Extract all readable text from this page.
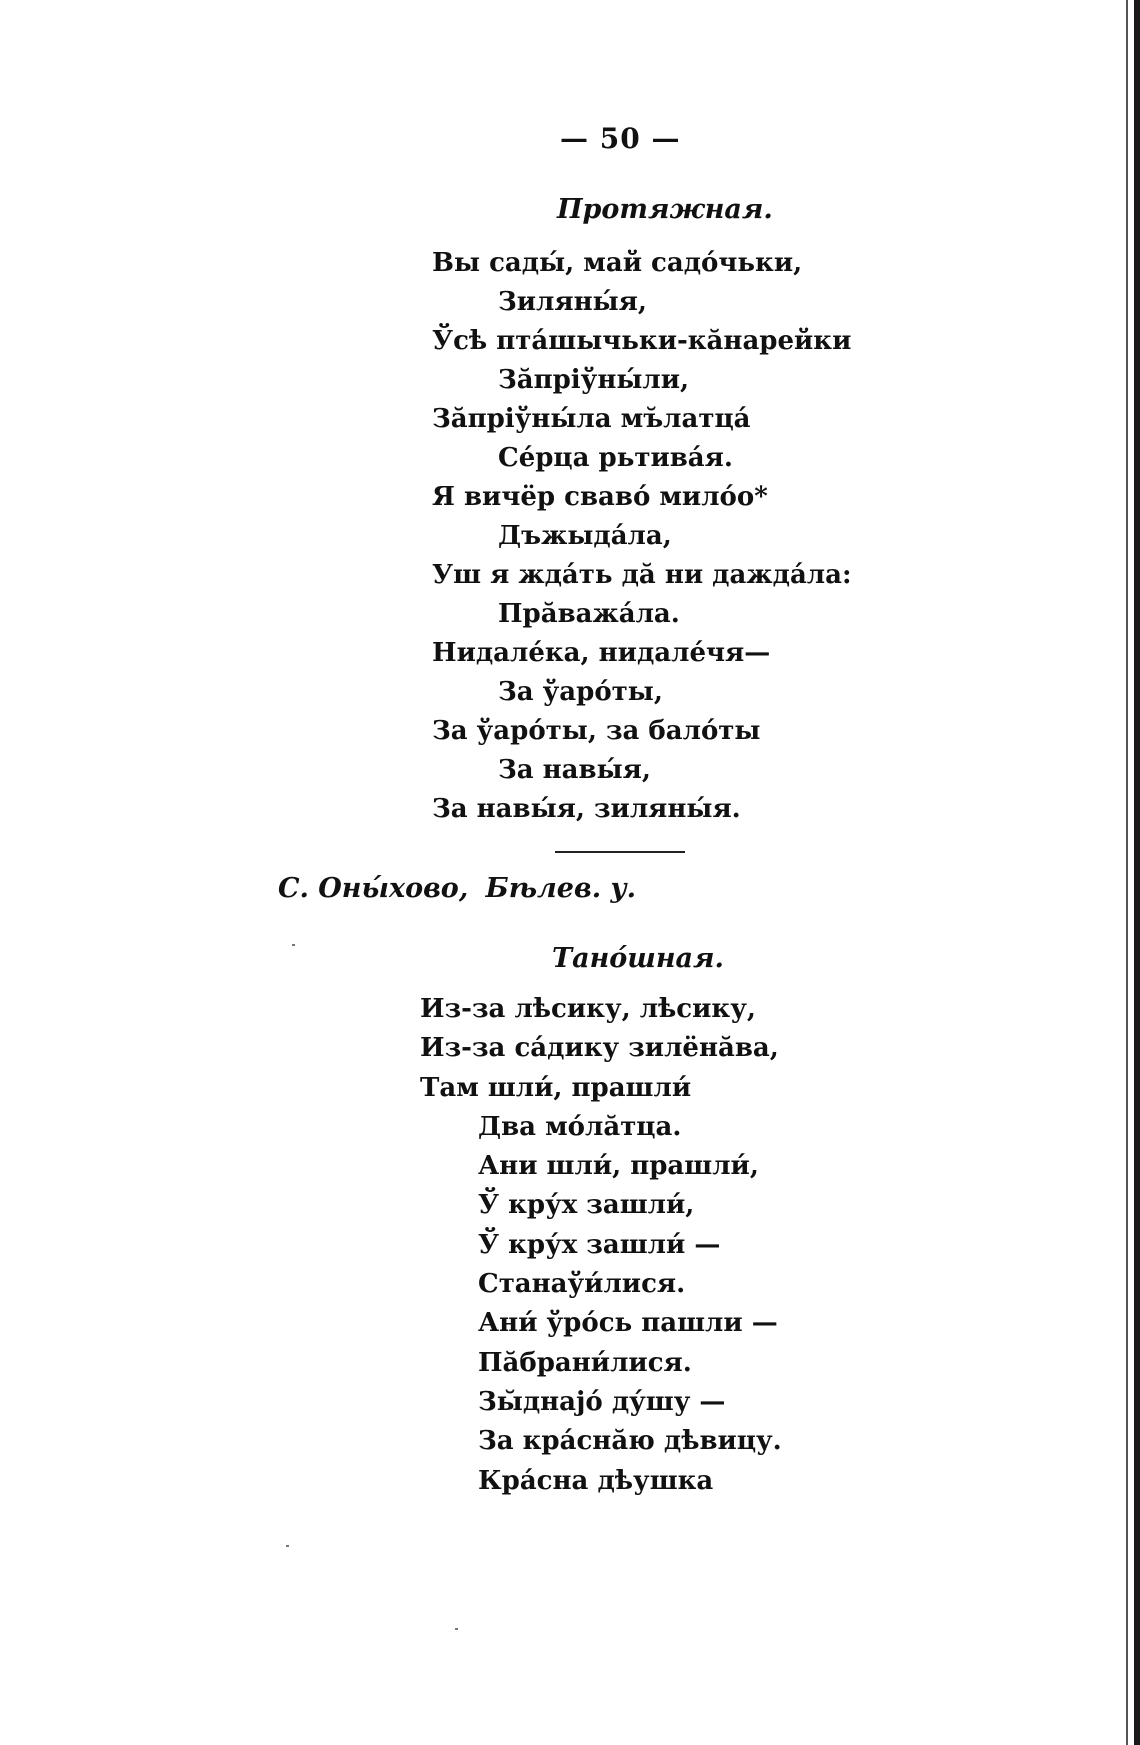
— 50 —
Протяжная.
Вы сады́, май садо́чьки,
Зиляны́я,
Ўсѣ пта́шычьки-кӑнарейки
Зӑпрiўны́ли,
Зӑпрiўны́ла мъ̆латца́
Се́рца рьтива́я.
Я вичёр сваво́ мило́о*
Дъжыда́ла,
Уш я жда́ть дӑ ни дажда́ла:
Прӑважа́ла.
Нидале́ка, нидале́чя—
За ўаро́ты,
За ўаро́ты, за бало́ты
За навы́я,
За навы́я, зиляны́я.
С. Оны́хово, Бѣлев. у.
Тано́шная.
Из-за лѣсику, лѣсику,
Из-за са́дику зилёнӑва,
Там шли́, прашли́
Два мо́лӑтца.
Ани шли́, прашли́,
Ў кру́х зашли́,
Ў кру́х зашли́ —
Станаўи́лися.
Ани́ ўро́сь пашли —
Пӑбрани́лися.
Зы̆днајо́ ду́шу —
За кра́снӑю дѣвицу.
Кра́сна дѣушка
